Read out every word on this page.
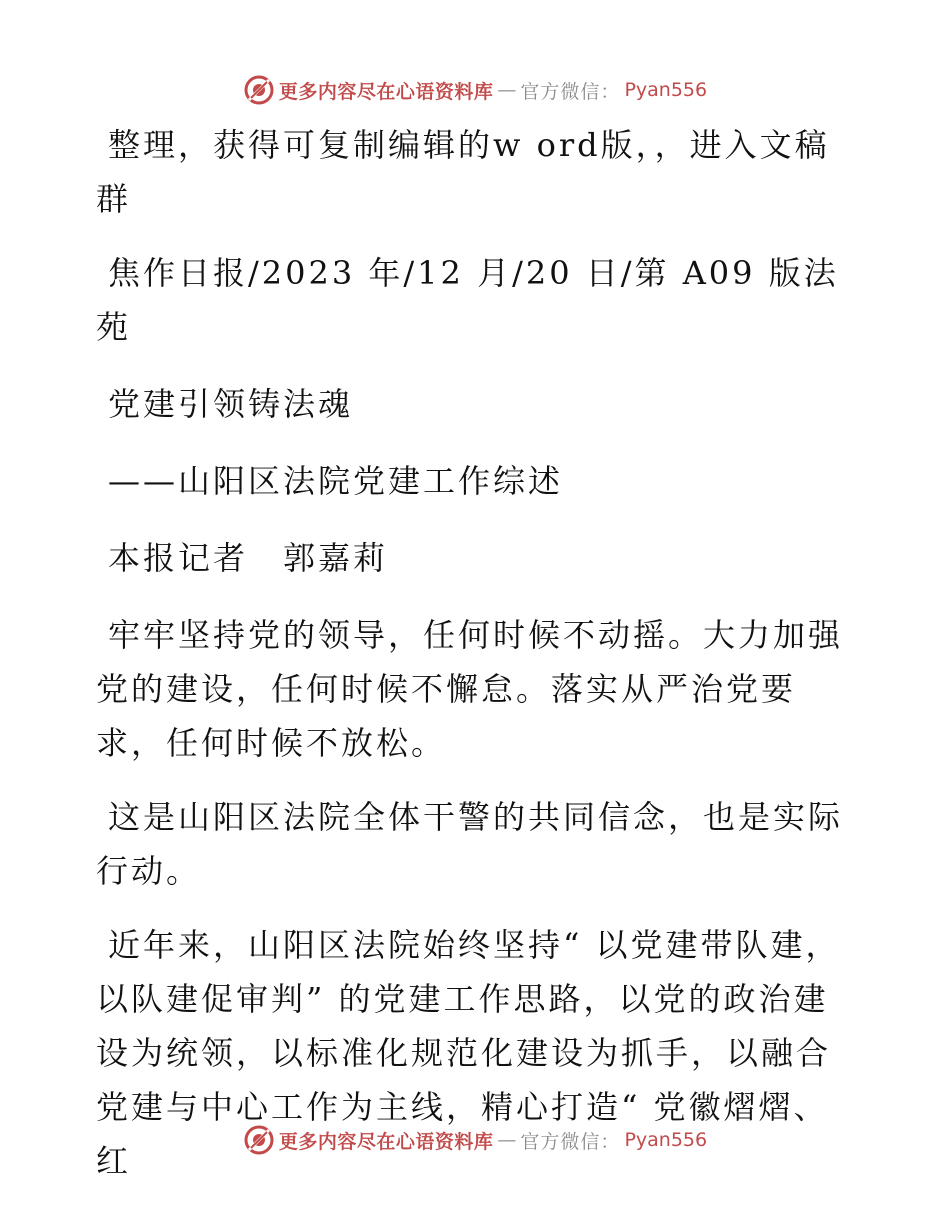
更多内容尽在心语资料库 — 官方微信： Pyan556

整理，获得可复制编辑的w ord版，，进入文稿群

焦作日报/2023 年/12 月/20 日/第 A09 版法苑

党建引领铸法魂

——山阳区法院党建工作综述

本报记者　郭嘉莉

牢牢坚持党的领导，任何时候不动摇。大力加强党的建设，任何时候不懈怠。落实从严治党要求，任何时候不放松。

这是山阳区法院全体干警的共同信念，也是实际行动。

近年来，山阳区法院始终坚持“ 以党建带队建，以队建促审判” 的党建工作思路，以党的政治建设为统领，以标准化规范化建设为抓手，以融合党建与中心工作为主线，精心打造“ 党徽熠熠、红

更多内容尽在心语资料库 — 官方微信： Pyan556
